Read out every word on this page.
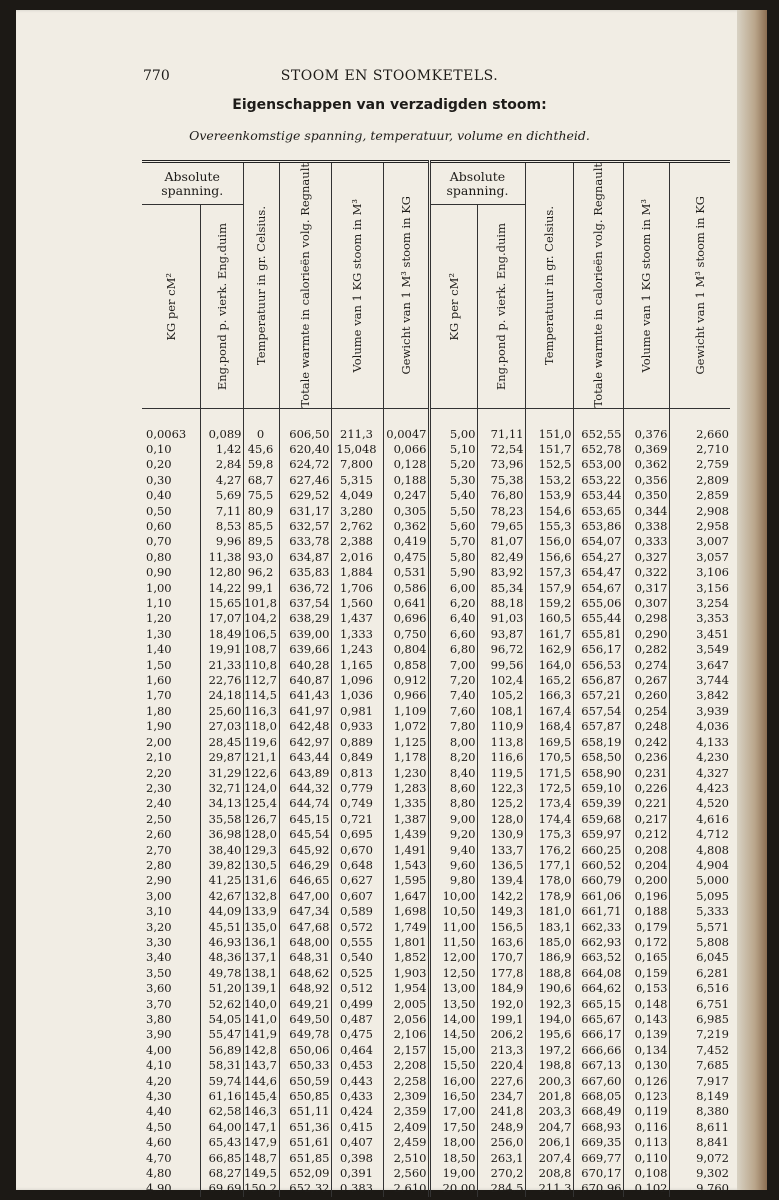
770	STOOM EN STOOMKETELS.
Eigenschappen van verzadigden stoom:
Overeenkomstige spanning, temperatuur, volume en dichtheid.
Absolute spanning.		Temperatuur in gr. Celsius.	Totale warmte in calorieën volg. Regnault	Volume van 1 KG stoom in M³	Gewicht van 1 M³ stoom in KG	Absolute spanning.		Temperatuur in gr. Celsius.	Totale warmte in calorieën volg. Regnault	Volume van 1 KG stoom in M³	Gewicht van 1 M³ stoom in KG

KG per cM²	Eng.pond p. vierk. Eng.duim					KG per cM²	Eng.pond p. vierk. Eng.duim				

0,0063	0,089	0	606,50	211,3	0,0047	5,00	71,11	151,0	652,55	0,376	2,660
0,10	1,42	45,6	620,40	15,048	0,066	5,10	72,54	151,7	652,78	0,369	2,710
0,20	2,84	59,8	624,72	7,800	0,128	5,20	73,96	152,5	653,00	0,362	2,759
0,30	4,27	68,7	627,46	5,315	0,188	5,30	75,38	153,2	653,22	0,356	2,809
0,40	5,69	75,5	629,52	4,049	0,247	5,40	76,80	153,9	653,44	0,350	2,859
0,50	7,11	80,9	631,17	3,280	0,305	5,50	78,23	154,6	653,65	0,344	2,908
0,60	8,53	85,5	632,57	2,762	0,362	5,60	79,65	155,3	653,86	0,338	2,958
0,70	9,96	89,5	633,78	2,388	0,419	5,70	81,07	156,0	654,07	0,333	3,007
0,80	11,38	93,0	634,87	2,016	0,475	5,80	82,49	156,6	654,27	0,327	3,057
0,90	12,80	96,2	635,83	1,884	0,531	5,90	83,92	157,3	654,47	0,322	3,106
1,00	14,22	99,1	636,72	1,706	0,586	6,00	85,34	157,9	654,67	0,317	3,156
1,10	15,65	101,8	637,54	1,560	0,641	6,20	88,18	159,2	655,06	0,307	3,254
1,20	17,07	104,2	638,29	1,437	0,696	6,40	91,03	160,5	655,44	0,298	3,353
1,30	18,49	106,5	639,00	1,333	0,750	6,60	93,87	161,7	655,81	0,290	3,451
1,40	19,91	108,7	639,66	1,243	0,804	6,80	96,72	162,9	656,17	0,282	3,549
1,50	21,33	110,8	640,28	1,165	0,858	7,00	99,56	164,0	656,53	0,274	3,647
1,60	22,76	112,7	640,87	1,096	0,912	7,20	102,4	165,2	656,87	0,267	3,744
1,70	24,18	114,5	641,43	1,036	0,966	7,40	105,2	166,3	657,21	0,260	3,842
1,80	25,60	116,3	641,97	0,981	1,109	7,60	108,1	167,4	657,54	0,254	3,939
1,90	27,03	118,0	642,48	0,933	1,072	7,80	110,9	168,4	657,87	0,248	4,036
2,00	28,45	119,6	642,97	0,889	1,125	8,00	113,8	169,5	658,19	0,242	4,133
2,10	29,87	121,1	643,44	0,849	1,178	8,20	116,6	170,5	658,50	0,236	4,230
2,20	31,29	122,6	643,89	0,813	1,230	8,40	119,5	171,5	658,90	0,231	4,327
2,30	32,71	124,0	644,32	0,779	1,283	8,60	122,3	172,5	659,10	0,226	4,423
2,40	34,13	125,4	644,74	0,749	1,335	8,80	125,2	173,4	659,39	0,221	4,520
2,50	35,58	126,7	645,15	0,721	1,387	9,00	128,0	174,4	659,68	0,217	4,616
2,60	36,98	128,0	645,54	0,695	1,439	9,20	130,9	175,3	659,97	0,212	4,712
2,70	38,40	129,3	645,92	0,670	1,491	9,40	133,7	176,2	660,25	0,208	4,808
2,80	39,82	130,5	646,29	0,648	1,543	9,60	136,5	177,1	660,52	0,204	4,904
2,90	41,25	131,6	646,65	0,627	1,595	9,80	139,4	178,0	660,79	0,200	5,000
3,00	42,67	132,8	647,00	0,607	1,647	10,00	142,2	178,9	661,06	0,196	5,095
3,10	44,09	133,9	647,34	0,589	1,698	10,50	149,3	181,0	661,71	0,188	5,333
3,20	45,51	135,0	647,68	0,572	1,749	11,00	156,5	183,1	662,33	0,179	5,571
3,30	46,93	136,1	648,00	0,555	1,801	11,50	163,6	185,0	662,93	0,172	5,808
3,40	48,36	137,1	648,31	0,540	1,852	12,00	170,7	186,9	663,52	0,165	6,045
3,50	49,78	138,1	648,62	0,525	1,903	12,50	177,8	188,8	664,08	0,159	6,281
3,60	51,20	139,1	648,92	0,512	1,954	13,00	184,9	190,6	664,62	0,153	6,516
3,70	52,62	140,0	649,21	0,499	2,005	13,50	192,0	192,3	665,15	0,148	6,751
3,80	54,05	141,0	649,50	0,487	2,056	14,00	199,1	194,0	665,67	0,143	6,985
3,90	55,47	141,9	649,78	0,475	2,106	14,50	206,2	195,6	666,17	0,139	7,219
4,00	56,89	142,8	650,06	0,464	2,157	15,00	213,3	197,2	666,66	0,134	7,452
4,10	58,31	143,7	650,33	0,453	2,208	15,50	220,4	198,8	667,13	0,130	7,685
4,20	59,74	144,6	650,59	0,443	2,258	16,00	227,6	200,3	667,60	0,126	7,917
4,30	61,16	145,4	650,85	0,433	2,309	16,50	234,7	201,8	668,05	0,123	8,149
4,40	62,58	146,3	651,11	0,424	2,359	17,00	241,8	203,3	668,49	0,119	8,380
4,50	64,00	147,1	651,36	0,415	2,409	17,50	248,9	204,7	668,93	0,116	8,611
4,60	65,43	147,9	651,61	0,407	2,459	18,00	256,0	206,1	669,35	0,113	8,841
4,70	66,85	148,7	651,85	0,398	2,510	18,50	263,1	207,4	669,77	0,110	9,072
4,80	68,27	149,5	652,09	0,391	2,560	19,00	270,2	208,8	670,17	0,108	9,302
4,90	69,69	150,2	652,32	0,383	2,610	20,00	284,5	211,3	670,96	0,102	9,760
